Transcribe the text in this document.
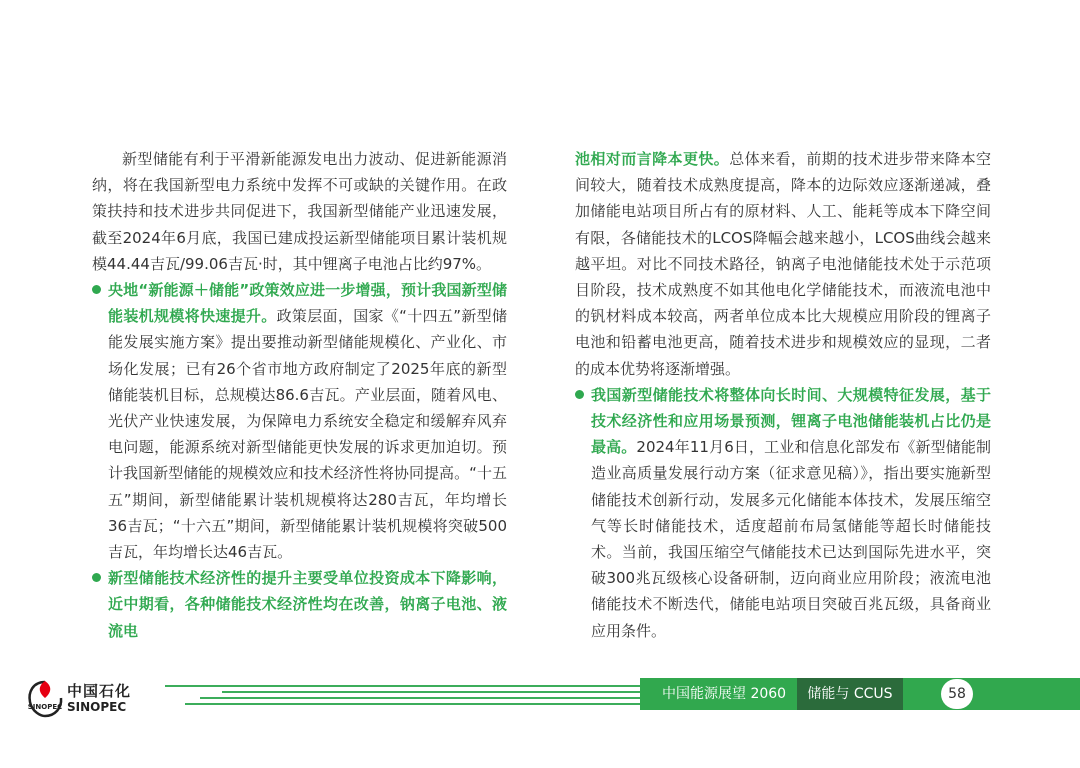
新型储能有利于平滑新能源发电出力波动、促进新能源消纳，将在我国新型电力系统中发挥不可或缺的关键作用。在政策扶持和技术进步共同促进下，我国新型储能产业迅速发展，截至2024年6月底，我国已建成投运新型储能项目累计装机规模44.44吉瓦/99.06吉瓦·时，其中锂离子电池占比约97%。

央地“新能源＋储能”政策效应进一步增强，预计我国新型储能装机规模将快速提升。政策层面，国家《“十四五”新型储能发展实施方案》提出要推动新型储能规模化、产业化、市场化发展；已有26个省市地方政府制定了2025年底的新型储能装机目标，总规模达86.6吉瓦。产业层面，随着风电、光伏产业快速发展，为保障电力系统安全稳定和缓解弃风弃电问题，能源系统对新型储能更快发展的诉求更加迫切。预计我国新型储能的规模效应和技术经济性将协同提高。“十五五”期间，新型储能累计装机规模将达280吉瓦，年均增长36吉瓦；“十六五”期间，新型储能累计装机规模将突破500吉瓦，年均增长达46吉瓦。

新型储能技术经济性的提升主要受单位投资成本下降影响，近中期看，各种储能技术经济性均在改善，钠离子电池、液流电

池相对而言降本更快。总体来看，前期的技术进步带来降本空间较大，随着技术成熟度提高，降本的边际效应逐渐递减，叠加储能电站项目所占有的原材料、人工、能耗等成本下降空间有限，各储能技术的LCOS降幅会越来越小，LCOS曲线会越来越平坦。对比不同技术路径，钠离子电池储能技术处于示范项目阶段，技术成熟度不如其他电化学储能技术，而液流电池中的钒材料成本较高，两者单位成本比大规模应用阶段的锂离子电池和铅蓄电池更高，随着技术进步和规模效应的显现，二者的成本优势将逐渐增强。

我国新型储能技术将整体向长时间、大规模特征发展，基于技术经济性和应用场景预测，锂离子电池储能装机占比仍是最高。2024年11月6日，工业和信息化部发布《新型储能制造业高质量发展行动方案（征求意见稿）》，指出要实施新型储能技术创新行动，发展多元化储能本体技术，发展压缩空气等长时储能技术，适度超前布局氢储能等超长时储能技术。当前，我国压缩空气储能技术已达到国际先进水平，突破300兆瓦级核心设备研制，迈向商业应用阶段；液流电池储能技术不断迭代，储能电站项目突破百兆瓦级，具备商业应用条件。

SINOPEC
中国石化
SINOPEC
中国能源展望 2060	储能与 CCUS	58
